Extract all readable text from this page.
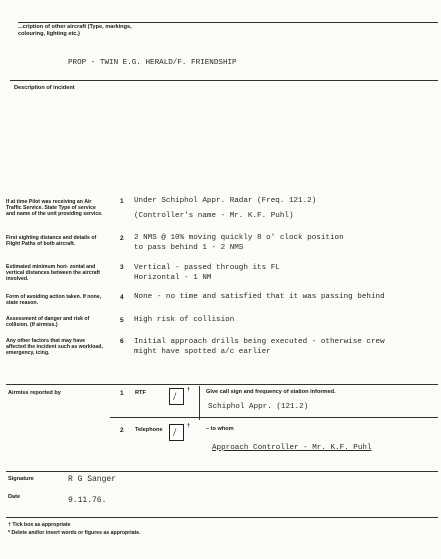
...cription of other aircraft (Type, markings, colouring, lighting etc.)
PROP - TWIN E.G. HERALD/F. FRIENDSHIP
Description of incident
If at time Pilot was receiving an Air Traffic Service. State Type of service and name of the unit providing service.
1 Under Schiphol Appr. Radar (Freq. 121.2)
(Controller's name - Mr. K.F. Puhl)
First sighting distance and details of Flight Paths of both aircraft.
2 2 NMS @ 10% moving quickly 8 o' clock position
to pass behind 1 - 2 NMS
Estimated minimum hori- zontal and vertical distances between the aircraft involved.
3 Vertical - passed through its FL
Horizontal - 1 NM
Form of avoiding action taken. If none, state reason.
4 None - no time and satisfied that it was passing behind
Assessment of danger and risk of collision. (If airmiss.)
5 High risk of collision
Any other factors that may have affected the incident such as workload, emergency, icing.
6 Initial approach drills being executed - otherwise crew
might have spotted a/c earlier
Airmiss reported by	1 RTF / †	Give call sign and frequency of station informed.
Schiphol Appr. (121.2)
2 Telephone / †	– to whom
Approach Controller - Mr. K.F. Puhl
Signature	R G Sanger
Date	9.11.76.
† Tick box as appropriate
* Delete and/or insert words or figures as appropriate.
